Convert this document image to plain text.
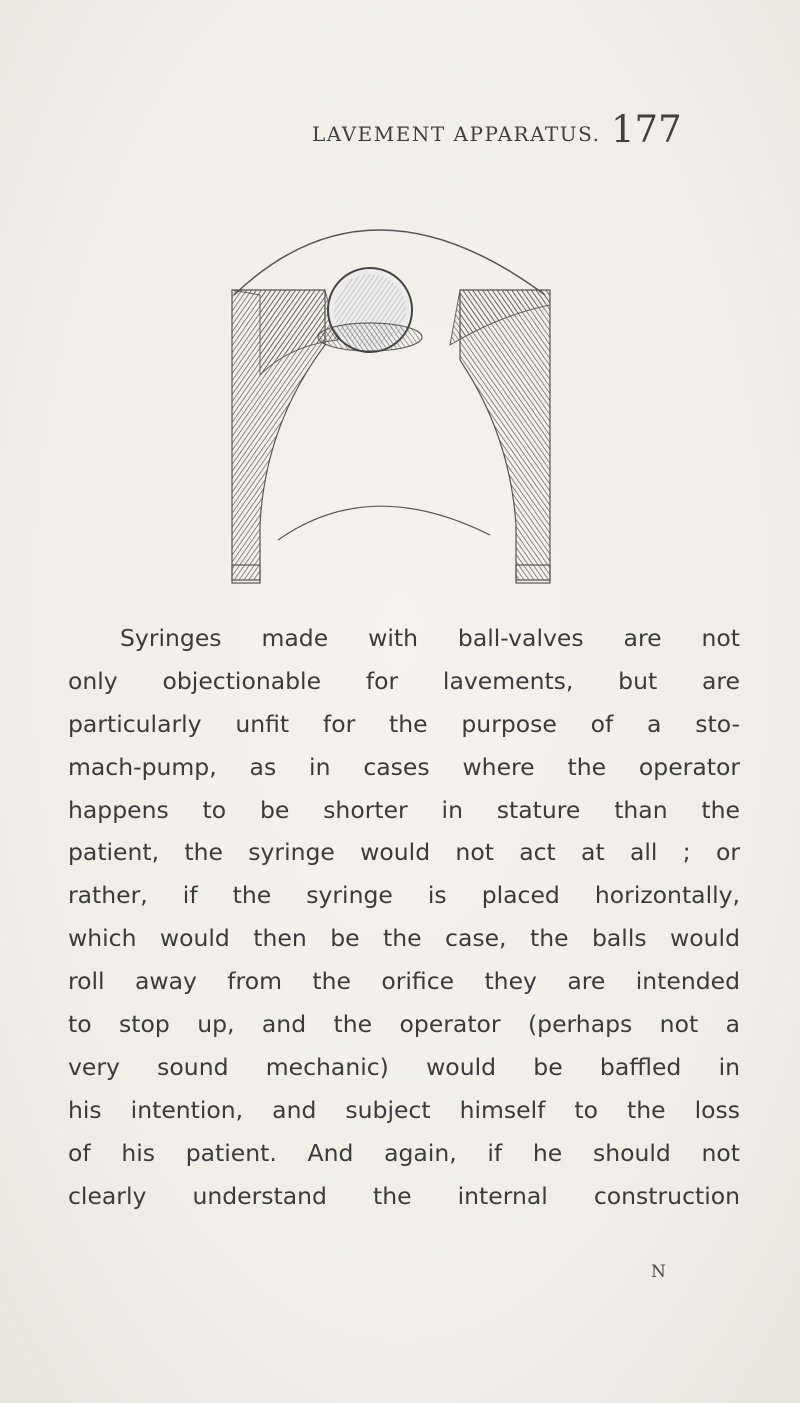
LAVEMENT APPARATUS. 177
Syringes made with ball-valves are not
only objectionable for lavements, but are
particularly unfit for the purpose of a sto-
mach-pump, as in cases where the operator
happens to be shorter in stature than the
patient, the syringe would not act at all ; or
rather, if the syringe is placed horizontally,
which would then be the case, the balls would
roll away from the orifice they are intended
to stop up, and the operator (perhaps not a
very sound mechanic) would be baffled in
his intention, and subject himself to the loss
of his patient. And again, if he should not
clearly understand the internal construction
N
